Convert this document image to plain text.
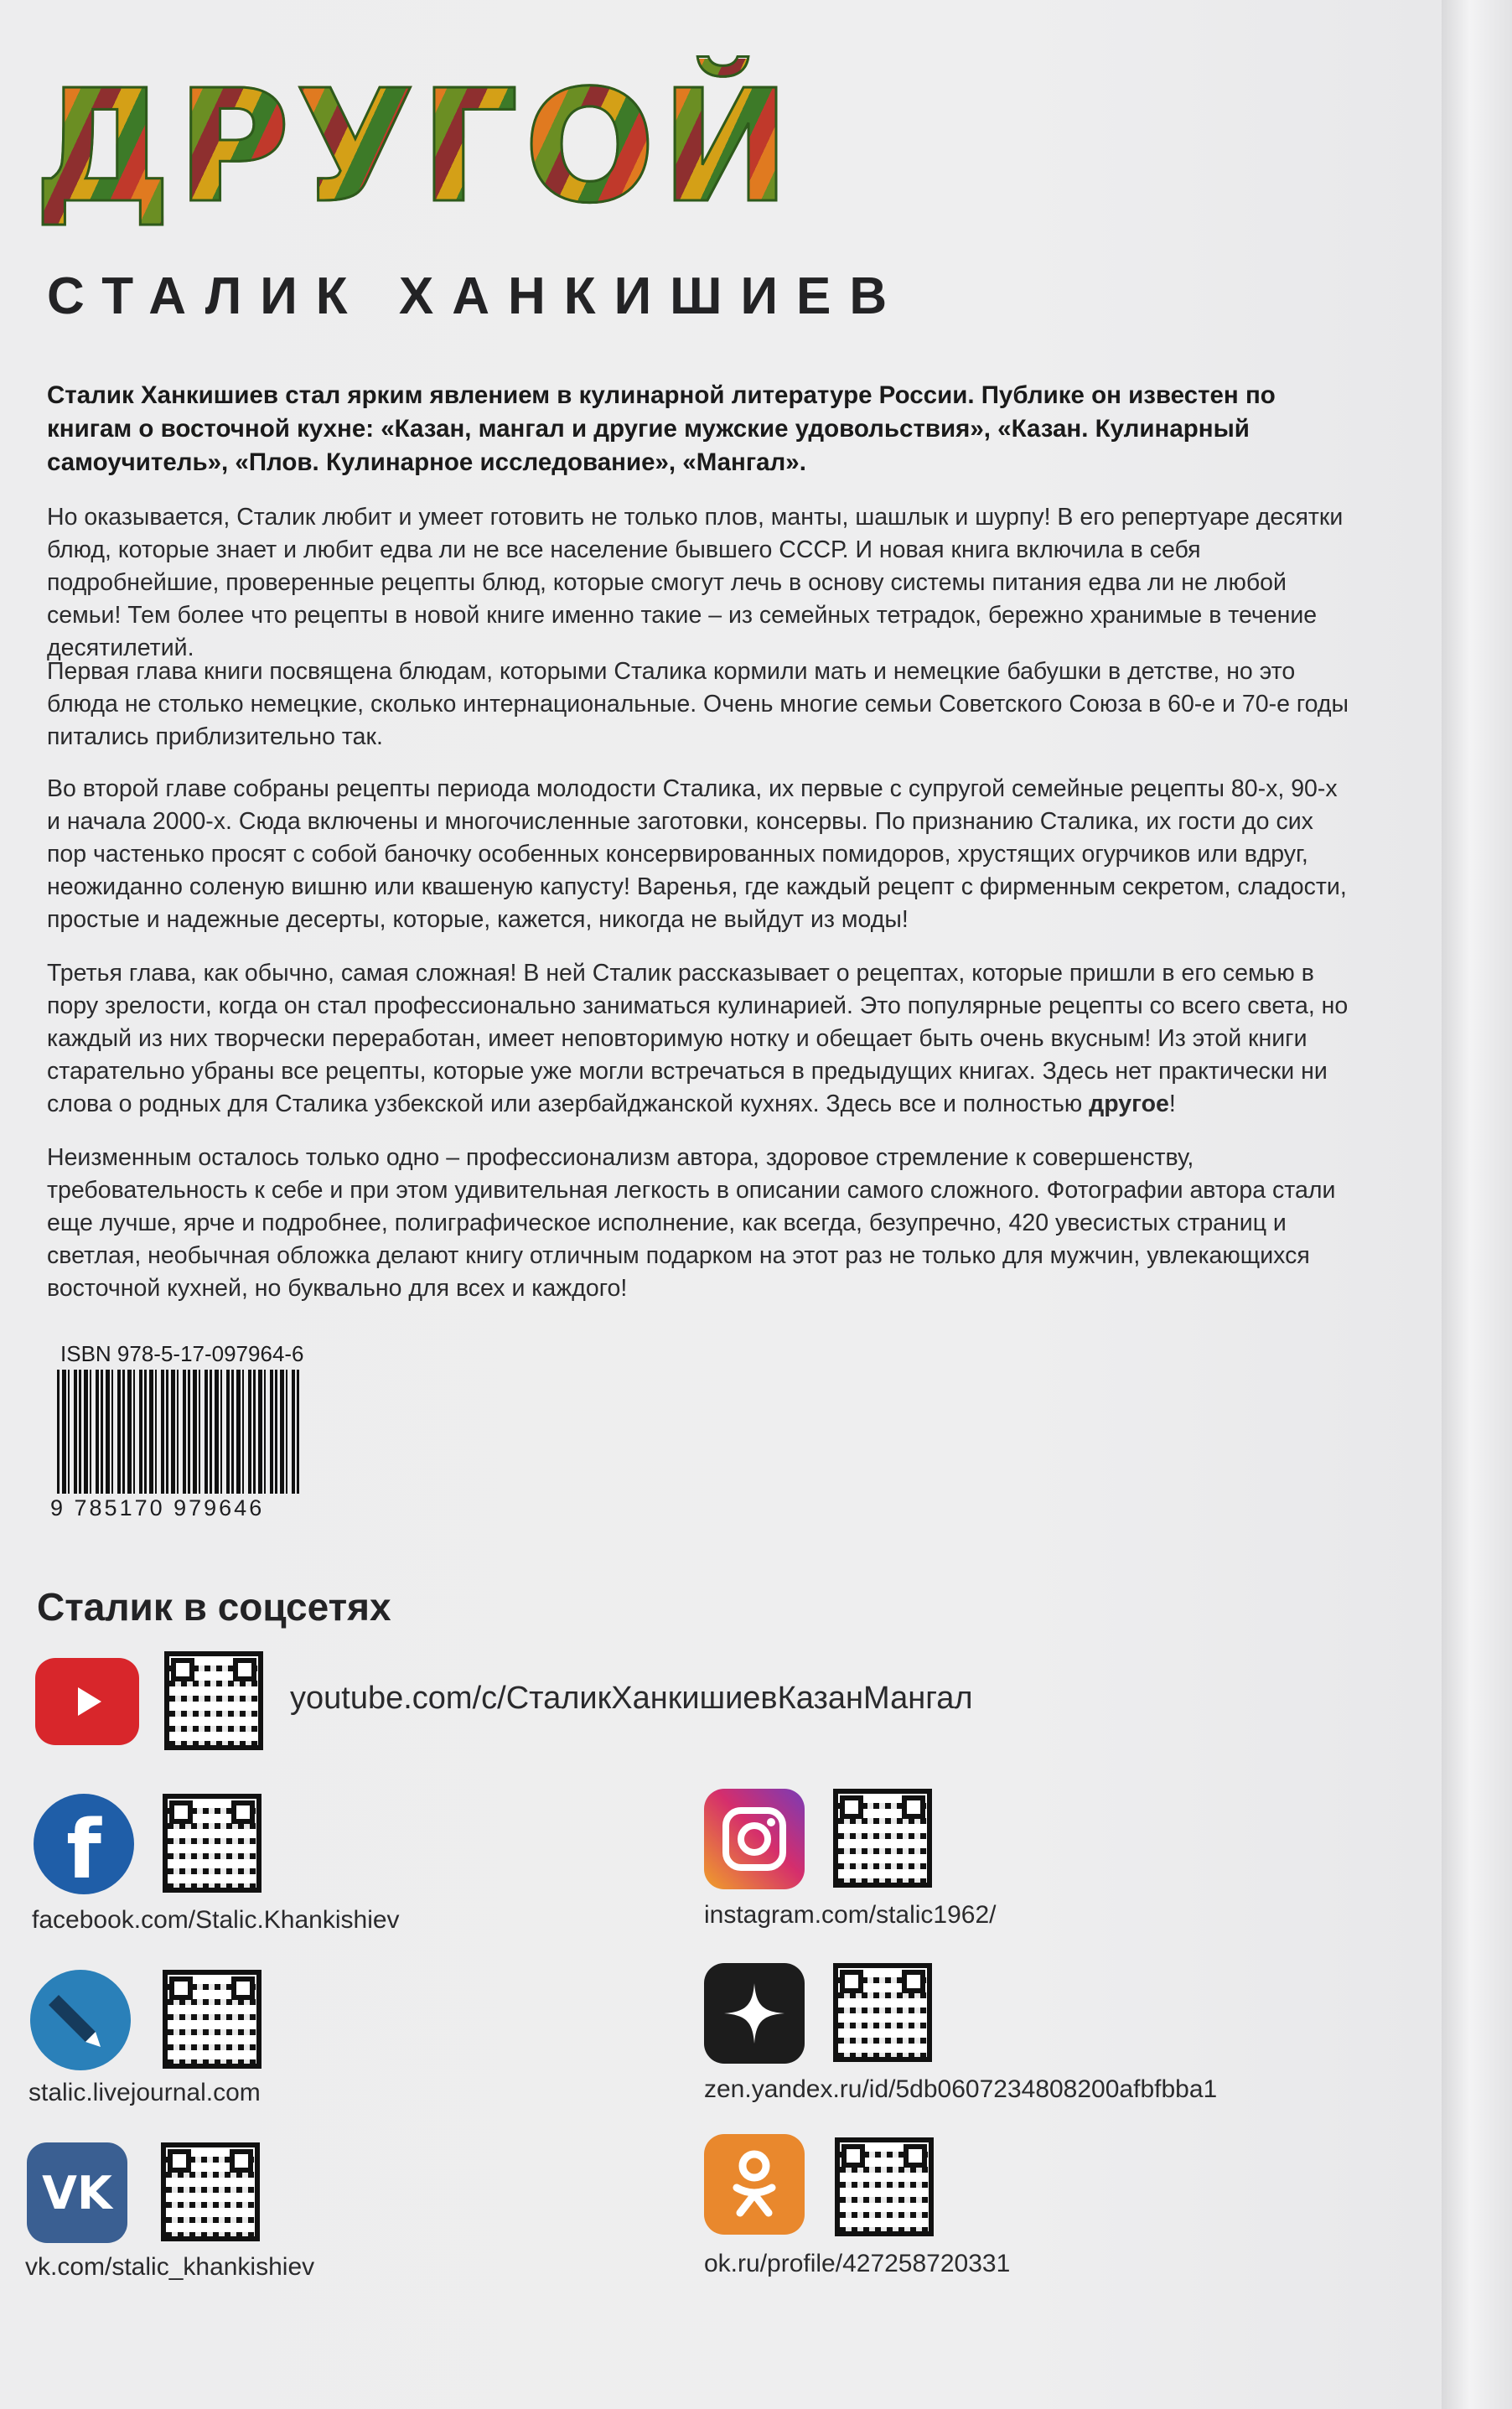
ДРУГОЙ
СТАЛИК ХАНКИШИЕВ
Сталик Ханкишиев стал ярким явлением в кулинарной литературе России. Публике он известен по книгам о восточной кухне: «Казан, мангал и другие мужские удовольствия», «Казан. Кулинарный самоучитель», «Плов. Кулинарное исследование», «Мангал».
Но оказывается, Сталик любит и умеет готовить не только плов, манты, шашлык и шурпу! В его репертуаре десятки блюд, которые знает и любит едва ли не все население бывшего СССР. И новая книга включила в себя подробнейшие, проверенные рецепты блюд, которые смогут лечь в основу системы питания едва ли не любой семьи! Тем более что рецепты в новой книге именно такие – из семейных тетрадок, бережно хранимые в течение десятилетий.
Первая глава книги посвящена блюдам, которыми Сталика кормили мать и немецкие бабушки в детстве, но это блюда не столько немецкие, сколько интернациональные. Очень многие семьи Советского Союза в 60-е и 70-е годы питались приблизительно так.
Во второй главе собраны рецепты периода молодости Сталика, их первые с супругой семейные рецепты 80-х, 90-х и начала 2000-х. Сюда включены и многочисленные заготовки, консервы. По признанию Сталика, их гости до сих пор частенько просят с собой баночку особенных консервированных помидоров, хрустящих огурчиков или вдруг, неожиданно соленую вишню или квашеную капусту! Варенья, где каждый рецепт с фирменным секретом, сладости, простые и надежные десерты, которые, кажется, никогда не выйдут из моды!
Третья глава, как обычно, самая сложная! В ней Сталик рассказывает о рецептах, которые пришли в его семью в пору зрелости, когда он стал профессионально заниматься кулинарией. Это популярные рецепты со всего света, но каждый из них творчески переработан, имеет неповторимую нотку и обещает быть очень вкусным! Из этой книги старательно убраны все рецепты, которые уже могли встречаться в предыдущих книгах. Здесь нет практически ни слова о родных для Сталика узбекской или азербайджанской кухнях. Здесь все и полностью другое!
Неизменным осталось только одно – профессионализм автора, здоровое стремление к совершенству, требовательность к себе и при этом удивительная легкость в описании самого сложного. Фотографии автора стали еще лучше, ярче и подробнее, полиграфическое исполнение, как всегда, безупречно, 420 увесистых страниц и светлая, необычная обложка делают книгу отличным подарком на этот раз не только для мужчин, увлекающихся восточной кухней, но буквально для всех и каждого!
ISBN 978-5-17-097964-6
9 785170 979646
Сталик в соцсетях
youtube.com/c/СталикХанкишиевКазанМангал
f
facebook.com/Stalic.Khankishiev	instagram.com/stalic1962/
stalic.livejournal.com	zen.yandex.ru/id/5db0607234808200afbfbba1
VK
vk.com/stalic_khankishiev	ok.ru/profile/427258720331
